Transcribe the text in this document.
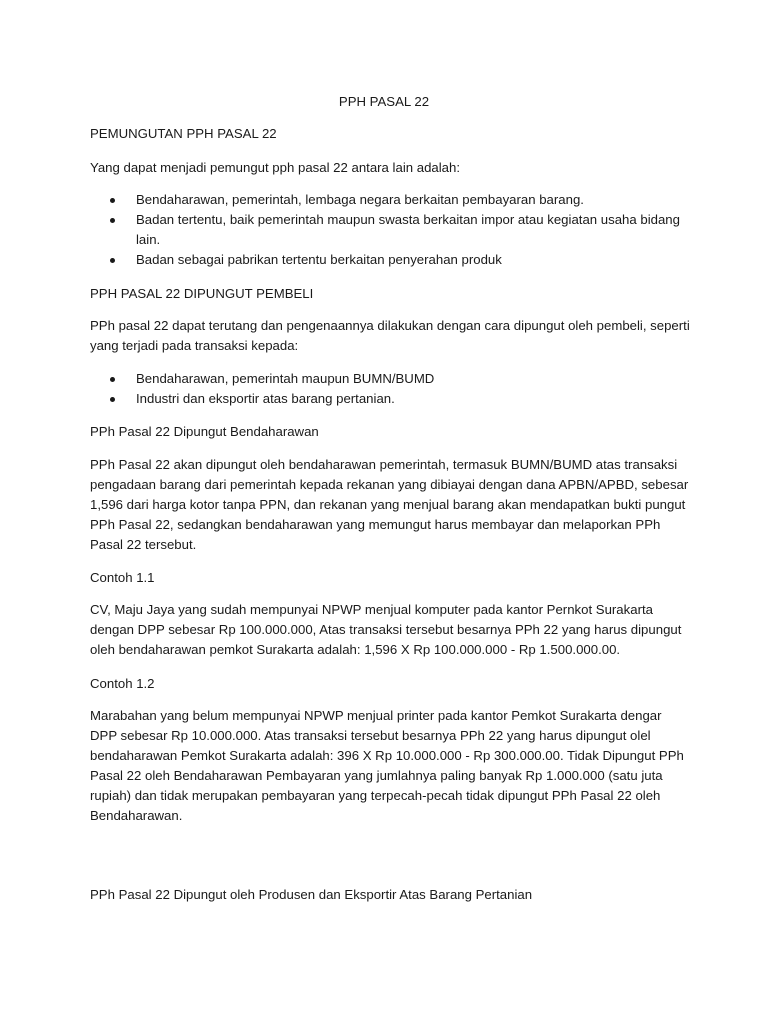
PPH PASAL 22

PEMUNGUTAN PPH PASAL 22

Yang dapat menjadi pemungut pph pasal 22 antara lain adalah:

Bendaharawan, pemerintah, lembaga negara berkaitan pembayaran barang.
Badan tertentu, baik pemerintah maupun swasta berkaitan impor atau kegiatan usaha bidang lain.
Badan sebagai pabrikan tertentu berkaitan penyerahan produk

PPH PASAL 22 DIPUNGUT PEMBELI

PPh pasal 22 dapat terutang dan pengenaannya dilakukan dengan cara dipungut oleh pembeli, seperti yang terjadi pada transaksi kepada:

Bendaharawan, pemerintah maupun BUMN/BUMD
Industri dan eksportir atas barang pertanian.

PPh Pasal 22 Dipungut Bendaharawan

PPh Pasal 22 akan dipungut oleh bendaharawan pemerintah, termasuk BUMN/BUMD atas transaksi pengadaan barang dari pemerintah kepada rekanan yang dibiayai dengan dana APBN/APBD, sebesar 1,596 dari harga kotor tanpa PPN, dan rekanan yang menjual barang akan mendapatkan bukti pungut PPh Pasal 22, sedangkan bendaharawan yang memungut harus membayar dan melaporkan PPh Pasal 22 tersebut.

Contoh 1.1

CV, Maju Jaya yang sudah mempunyai NPWP menjual komputer pada kantor Pernkot Surakarta dengan DPP sebesar Rp 100.000.000, Atas transaksi tersebut besarnya PPh 22 yang harus dipungut oleh bendaharawan pemkot Surakarta adalah: 1,596 X Rp 100.000.000 - Rp 1.500.000.00.

Contoh 1.2

Marabahan yang belum mempunyai NPWP menjual printer pada kantor Pemkot Surakarta dengar DPP sebesar Rp 10.000.000. Atas transaksi tersebut besarnya PPh 22 yang harus dipungut olel bendaharawan Pemkot Surakarta adalah: 396 X Rp 10.000.000 - Rp 300.000.00. Tidak Dipungut PPh Pasal 22 oleh Bendaharawan Pembayaran yang jumlahnya paling banyak Rp 1.000.000 (satu juta rupiah) dan tidak merupakan pembayaran yang terpecah-pecah tidak dipungut PPh Pasal 22 oleh Bendaharawan.

PPh Pasal 22 Dipungut oleh Produsen dan Eksportir Atas Barang Pertanian
